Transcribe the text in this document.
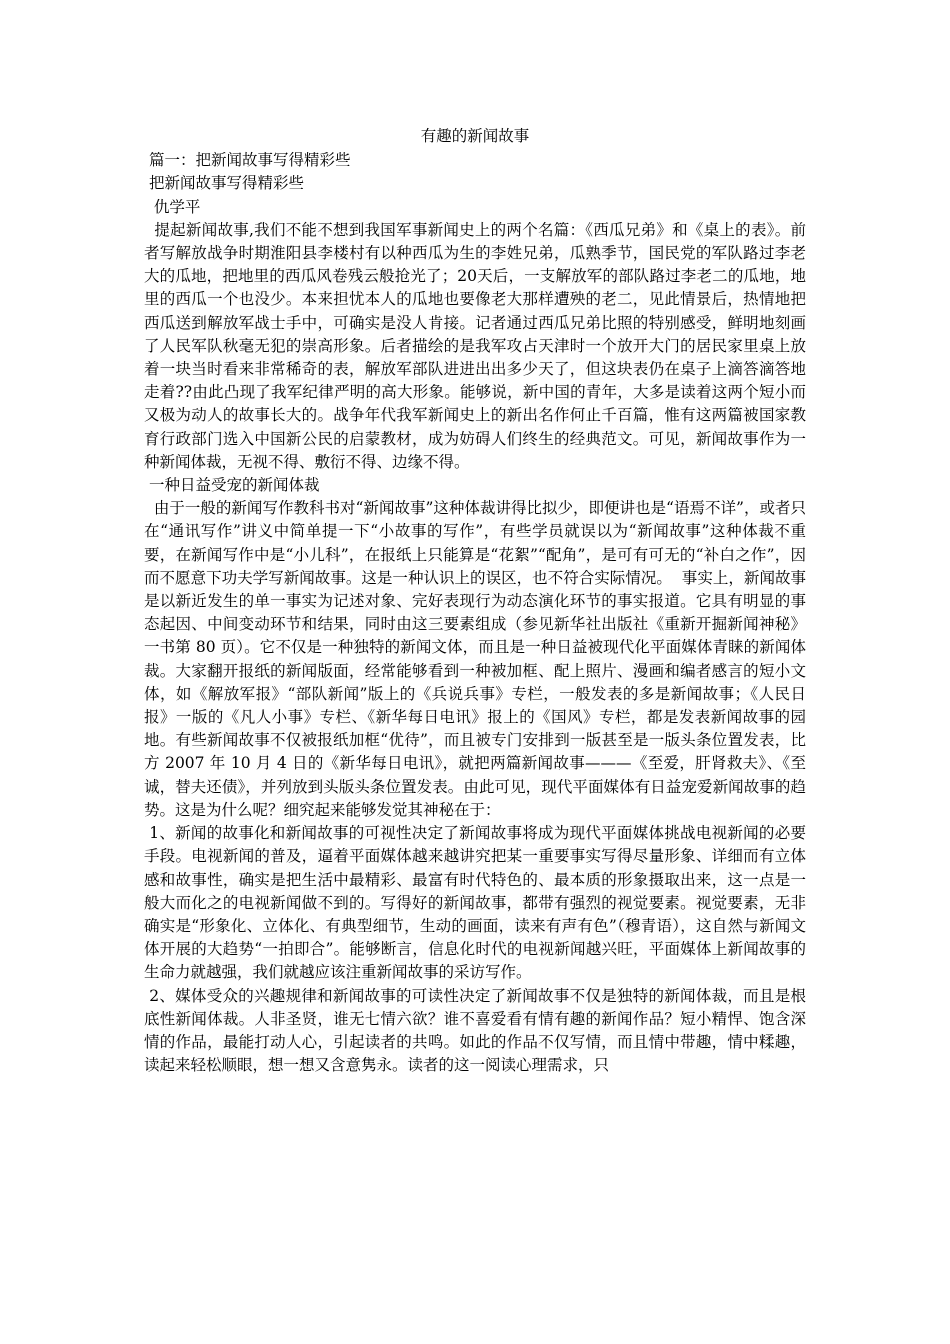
有趣的新闻故事

篇一：把新闻故事写得精彩些

把新闻故事写得精彩些

仇学平

提起新闻故事,我们不能不想到我国军事新闻史上的两个名篇：《西瓜兄弟》和《桌上的表》。前者写解放战争时期淮阳县李楼村有以种西瓜为生的李姓兄弟，瓜熟季节，国民党的军队路过李老大的瓜地，把地里的西瓜风卷残云般抢光了；20天后，一支解放军的部队路过李老二的瓜地，地里的西瓜一个也没少。本来担忧本人的瓜地也要像老大那样遭殃的老二，见此情景后，热情地把西瓜送到解放军战士手中，可确实是没人肯接。记者通过西瓜兄弟比照的特别感受，鲜明地刻画了人民军队秋毫无犯的崇高形象。后者描绘的是我军攻占天津时一个放开大门的居民家里桌上放着一块当时看来非常稀奇的表，解放军部队进进出出多少天了，但这块表仍在桌子上滴答滴答地走着??由此凸现了我军纪律严明的高大形象。能够说，新中国的青年，大多是读着这两个短小而又极为动人的故事长大的。战争年代我军新闻史上的新出名作何止千百篇，惟有这两篇被国家教育行政部门选入中国新公民的启蒙教材，成为妨碍人们终生的经典范文。可见，新闻故事作为一种新闻体裁，无视不得、敷衍不得、边缘不得。

一种日益受宠的新闻体裁

由于一般的新闻写作教科书对“新闻故事”这种体裁讲得比拟少，即便讲也是“语焉不详”，或者只在“通讯写作”讲义中简单提一下“小故事的写作”，有些学员就误以为“新闻故事”这种体裁不重要，在新闻写作中是“小儿科”，在报纸上只能算是“花絮”“配角”，是可有可无的“补白之作”，因而不愿意下功夫学写新闻故事。这是一种认识上的误区，也不符合实际情况。  事实上，新闻故事是以新近发生的单一事实为记述对象、完好表现行为动态演化环节的事实报道。它具有明显的事态起因、中间变动环节和结果，同时由这三要素组成（参见新华社出版社《重新开掘新闻神秘》一书第 80 页）。它不仅是一种独特的新闻文体，而且是一种日益被现代化平面媒体青睐的新闻体裁。大家翻开报纸的新闻版面，经常能够看到一种被加框、配上照片、漫画和编者感言的短小文体，如《解放军报》“部队新闻”版上的《兵说兵事》专栏，一般发表的多是新闻故事；《人民日报》一版的《凡人小事》专栏、《新华每日电讯》报上的《国风》专栏，都是发表新闻故事的园地。有些新闻故事不仅被报纸加框“优待”，而且被专门安排到一版甚至是一版头条位置发表，比方 2007 年 10 月 4 日的《新华每日电讯》，就把两篇新闻故事———《至爱，肝肾救夫》、《至诚，替夫还债》，并列放到头版头条位置发表。由此可见，现代平面媒体有日益宠爱新闻故事的趋势。这是为什么呢？细究起来能够发觉其神秘在于：

1、新闻的故事化和新闻故事的可视性决定了新闻故事将成为现代平面媒体挑战电视新闻的必要手段。电视新闻的普及，逼着平面媒体越来越讲究把某一重要事实写得尽量形象、详细而有立体感和故事性，确实是把生活中最精彩、最富有时代特色的、最本质的形象摄取出来，这一点是一般大而化之的电视新闻做不到的。写得好的新闻故事，都带有强烈的视觉要素。视觉要素，无非确实是“形象化、立体化、有典型细节，生动的画面，读来有声有色”（穆青语），这自然与新闻文体开展的大趋势“一拍即合”。能够断言，信息化时代的电视新闻越兴旺，平面媒体上新闻故事的生命力就越强，我们就越应该注重新闻故事的采访写作。

2、媒体受众的兴趣规律和新闻故事的可读性决定了新闻故事不仅是独特的新闻体裁，而且是根底性新闻体裁。人非圣贤，谁无七情六欲？谁不喜爱看有情有趣的新闻作品？短小精悍、饱含深情的作品，最能打动人心，引起读者的共鸣。如此的作品不仅写情，而且情中带趣，情中糅趣，读起来轻松顺眼，想一想又含意隽永。读者的这一阅读心理需求，只
